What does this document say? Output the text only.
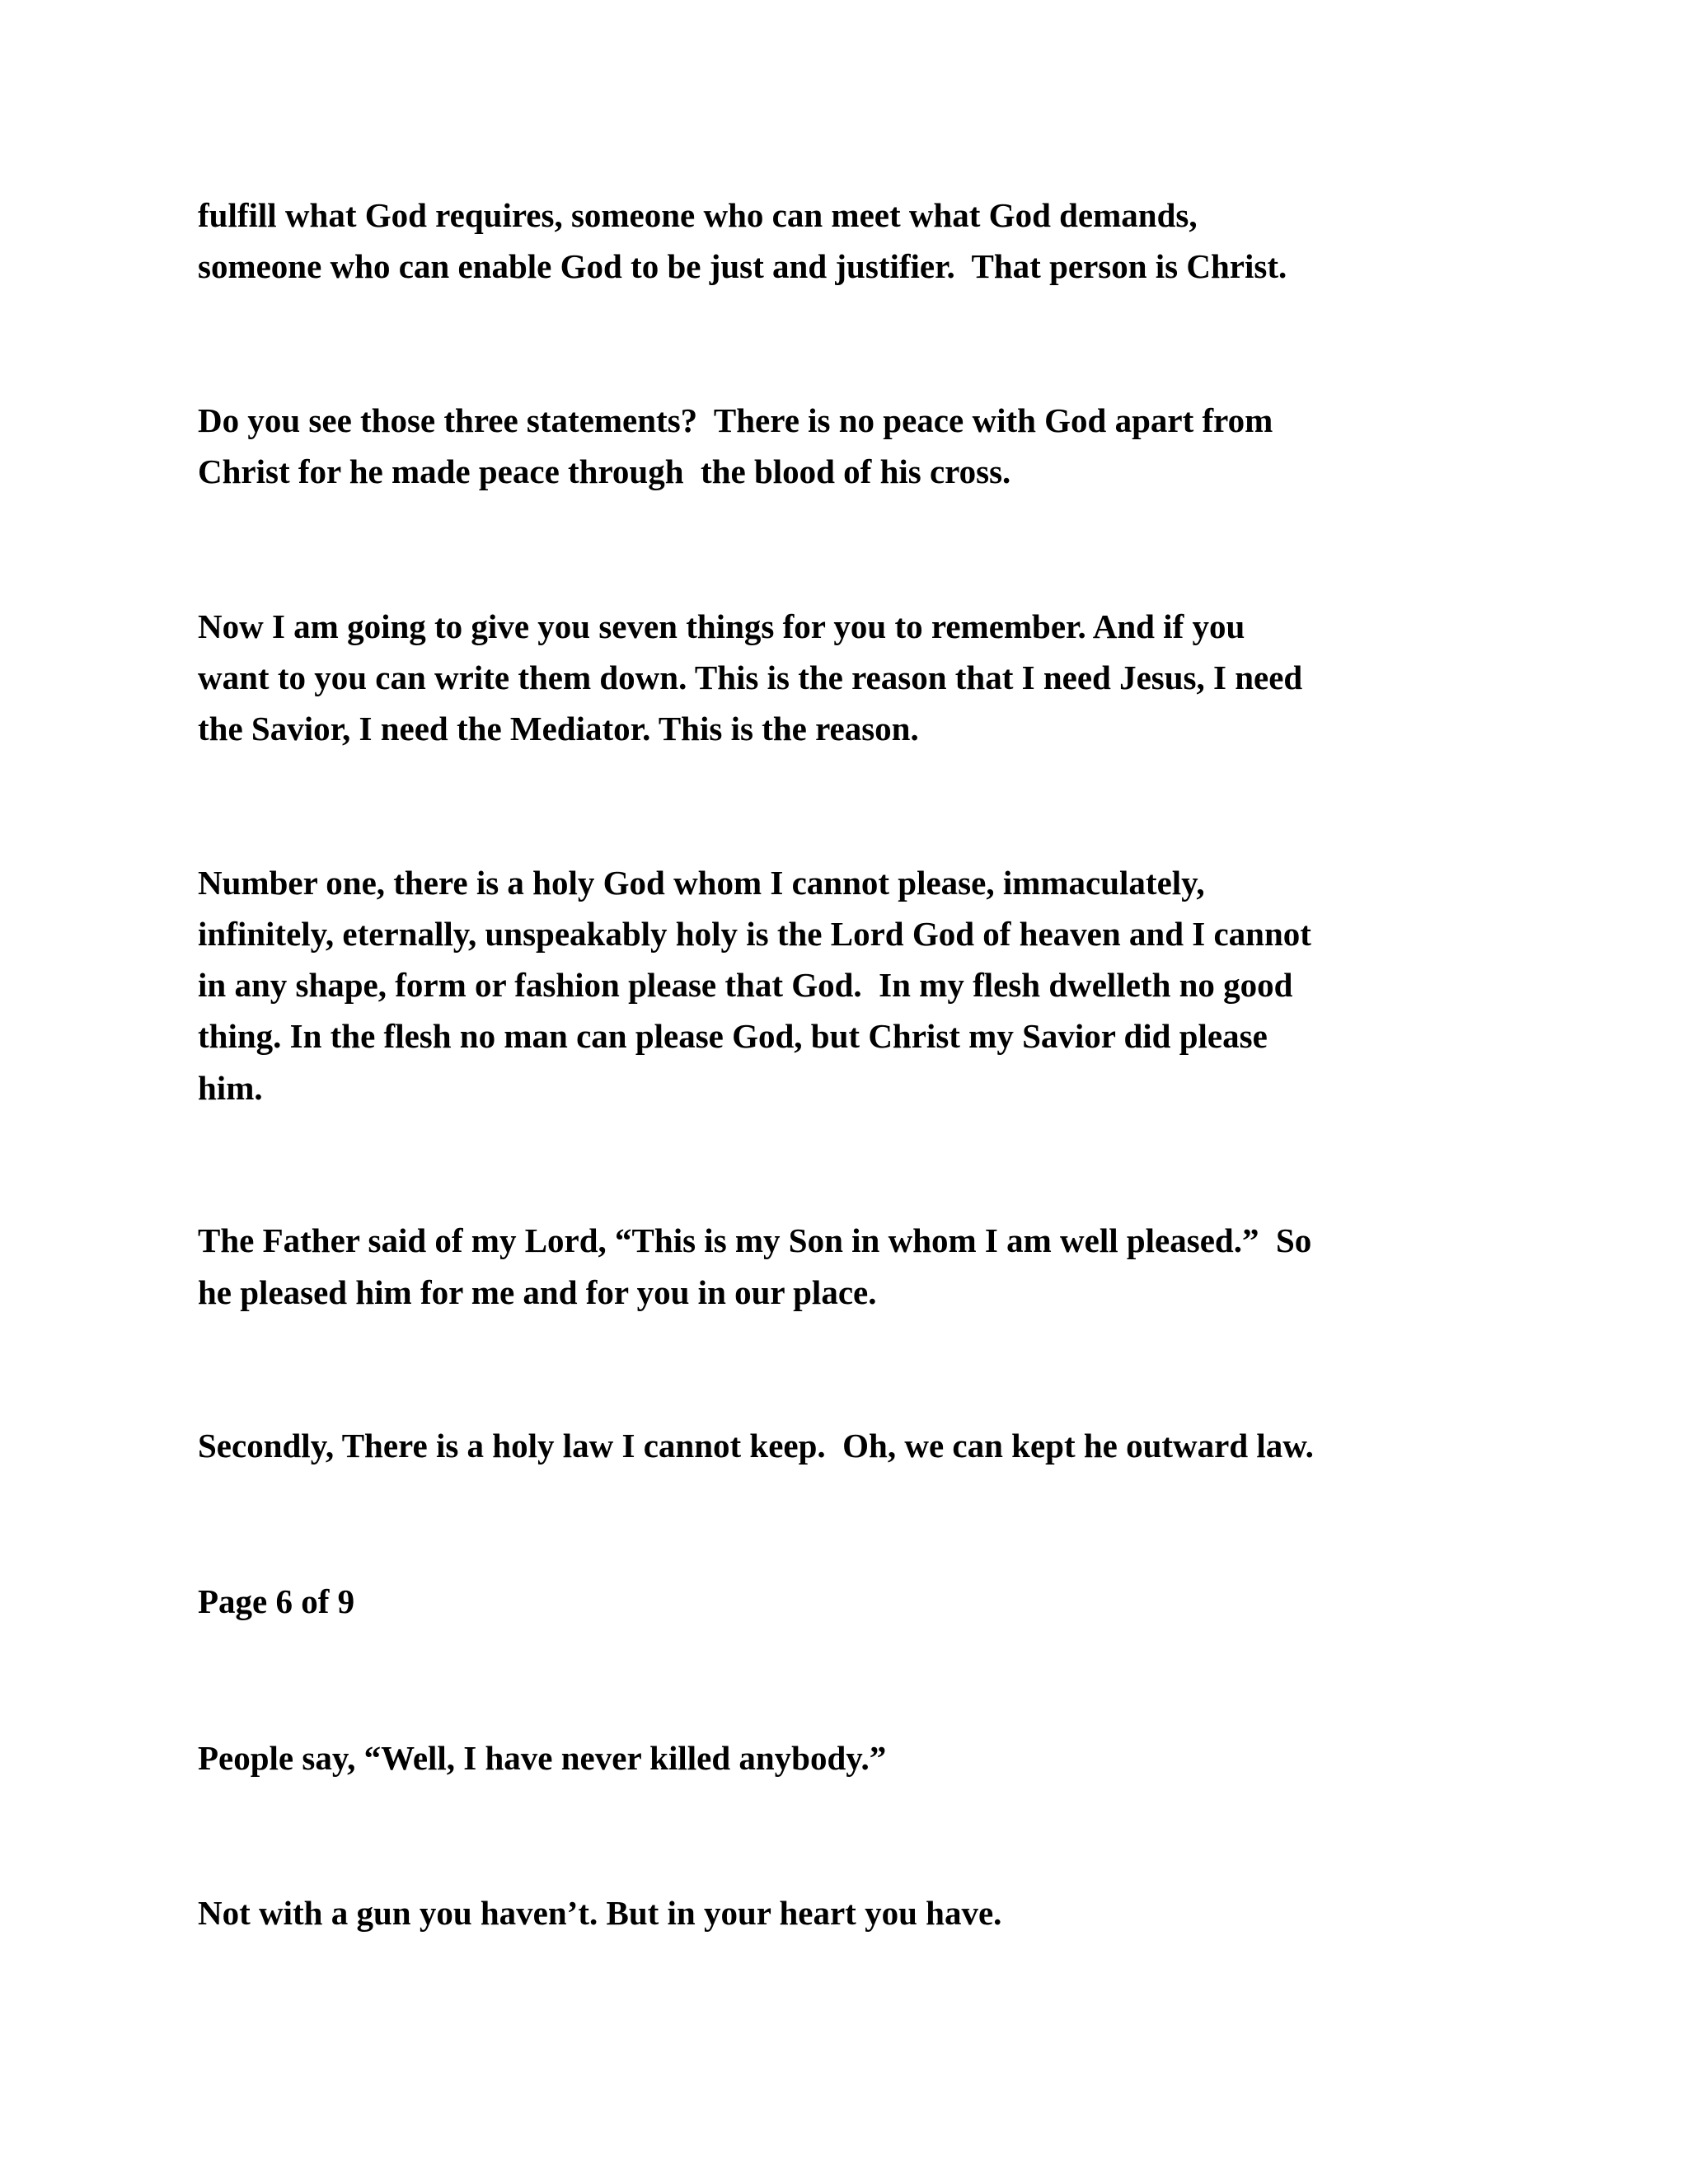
fulfill what God requires, someone who can meet what God demands,

someone who can enable God to be just and justifier.  That person is Christ.

Do you see those three statements?  There is no peace with God apart from

Christ for he made peace through  the blood of his cross.

Now I am going to give you seven things for you to remember. And if you

want to you can write them down. This is the reason that I need Jesus, I need

the Savior, I need the Mediator. This is the reason.

Number one, there is a holy God whom I cannot please, immaculately,

infinitely, eternally, unspeakably holy is the Lord God of heaven and I cannot

in any shape, form or fashion please that God.  In my flesh dwelleth no good

thing. In the flesh no man can please God, but Christ my Savior did please

him.

The Father said of my Lord, “This is my Son in whom I am well pleased.”  So

he pleased him for me and for you in our place.

Secondly, There is a holy law I cannot keep.  Oh, we can kept he outward law.

Page 6 of 9

People say, “Well, I have never killed anybody.”

Not with a gun you haven’t. But in your heart you have.
